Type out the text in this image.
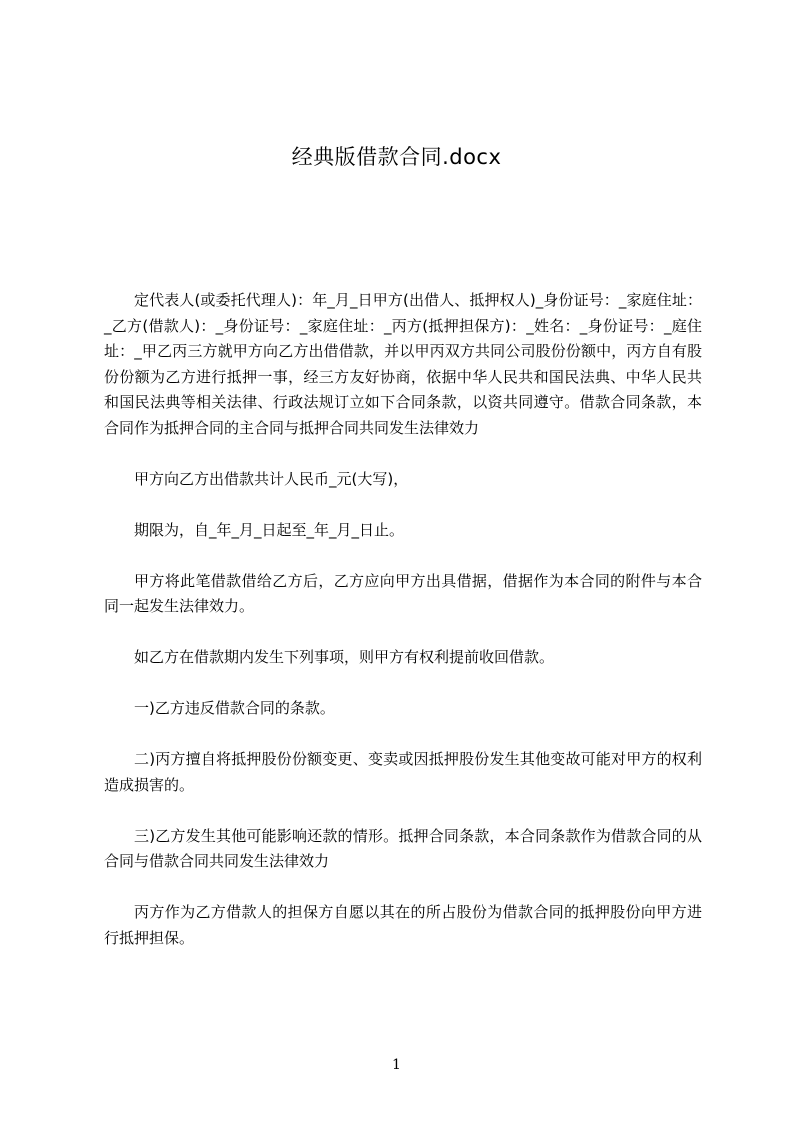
经典版借款合同.docx

定代表人(或委托代理人)：年_月_日甲方(出借人、抵押权人)_身份证号：_家庭住址：_乙方(借款人)：_身份证号：_家庭住址：_丙方(抵押担保方)：_姓名：_身份证号：_庭住址：_甲乙丙三方就甲方向乙方出借借款，并以甲丙双方共同公司股份份额中，丙方自有股份份额为乙方进行抵押一事，经三方友好协商，依据中华人民共和国民法典、中华人民共和国民法典等相关法律、行政法规订立如下合同条款，以资共同遵守。借款合同条款，本合同作为抵押合同的主合同与抵押合同共同发生法律效力

甲方向乙方出借款共计人民币_元(大写)，

期限为，自_年_月_日起至_年_月_日止。

甲方将此笔借款借给乙方后，乙方应向甲方出具借据，借据作为本合同的附件与本合同一起发生法律效力。

如乙方在借款期内发生下列事项，则甲方有权利提前收回借款。

一)乙方违反借款合同的条款。

二)丙方擅自将抵押股份份额变更、变卖或因抵押股份发生其他变故可能对甲方的权利造成损害的。

三)乙方发生其他可能影响还款的情形。抵押合同条款，本合同条款作为借款合同的从合同与借款合同共同发生法律效力

丙方作为乙方借款人的担保方自愿以其在的所占股份为借款合同的抵押股份向甲方进行抵押担保。

1
